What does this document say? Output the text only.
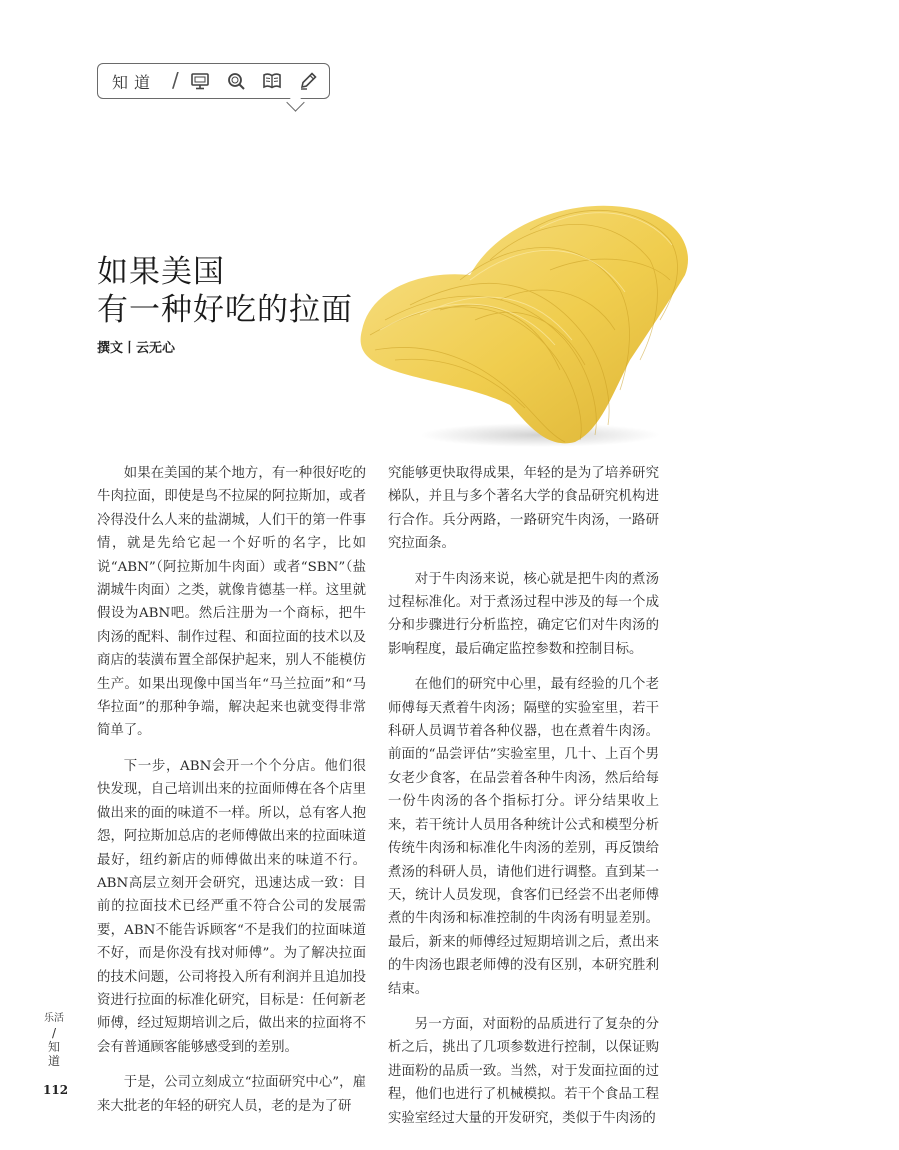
知道 /
如果美国
有一种好吃的拉面
撰文丨云无心

如果在美国的某个地方，有一种很好吃的牛肉拉面，即使是鸟不拉屎的阿拉斯加，或者冷得没什么人来的盐湖城，人们干的第一件事情，就是先给它起一个好听的名字，比如说“ABN”（阿拉斯加牛肉面）或者“SBN”（盐湖城牛肉面）之类，就像肯德基一样。这里就假设为ABN吧。然后注册为一个商标，把牛肉汤的配料、制作过程、和面拉面的技术以及商店的装潢布置全部保护起来，别人不能模仿生产。如果出现像中国当年“马兰拉面”和“马华拉面”的那种争端，解决起来也就变得非常简单了。

下一步，ABN会开一个个分店。他们很快发现，自己培训出来的拉面师傅在各个店里做出来的面的味道不一样。所以，总有客人抱怨，阿拉斯加总店的老师傅做出来的拉面味道最好，纽约新店的师傅做出来的味道不行。ABN高层立刻开会研究，迅速达成一致：目前的拉面技术已经严重不符合公司的发展需要，ABN不能告诉顾客“不是我们的拉面味道不好，而是你没有找对师傅”。为了解决拉面的技术问题，公司将投入所有利润并且追加投资进行拉面的标准化研究，目标是：任何新老师傅，经过短期培训之后，做出来的拉面将不会有普通顾客能够感受到的差别。

于是，公司立刻成立“拉面研究中心”，雇来大批老的年轻的研究人员，老的是为了研

究能够更快取得成果，年轻的是为了培养研究梯队，并且与多个著名大学的食品研究机构进行合作。兵分两路，一路研究牛肉汤，一路研究拉面条。

对于牛肉汤来说，核心就是把牛肉的煮汤过程标准化。对于煮汤过程中涉及的每一个成分和步骤进行分析监控，确定它们对牛肉汤的影响程度，最后确定监控参数和控制目标。

在他们的研究中心里，最有经验的几个老师傅每天煮着牛肉汤；隔壁的实验室里，若干科研人员调节着各种仪器，也在煮着牛肉汤。前面的“品尝评估”实验室里，几十、上百个男女老少食客，在品尝着各种牛肉汤，然后给每一份牛肉汤的各个指标打分。评分结果收上来，若干统计人员用各种统计公式和模型分析传统牛肉汤和标准化牛肉汤的差别，再反馈给煮汤的科研人员，请他们进行调整。直到某一天，统计人员发现，食客们已经尝不出老师傅煮的牛肉汤和标准控制的牛肉汤有明显差别。最后，新来的师傅经过短期培训之后，煮出来的牛肉汤也跟老师傅的没有区别，本研究胜利结束。

另一方面，对面粉的品质进行了复杂的分析之后，挑出了几项参数进行控制，以保证购进面粉的品质一致。当然，对于发面拉面的过程，他们也进行了机械模拟。若干个食品工程实验室经过大量的开发研究，类似于牛肉汤的

乐活
/
知道
112
